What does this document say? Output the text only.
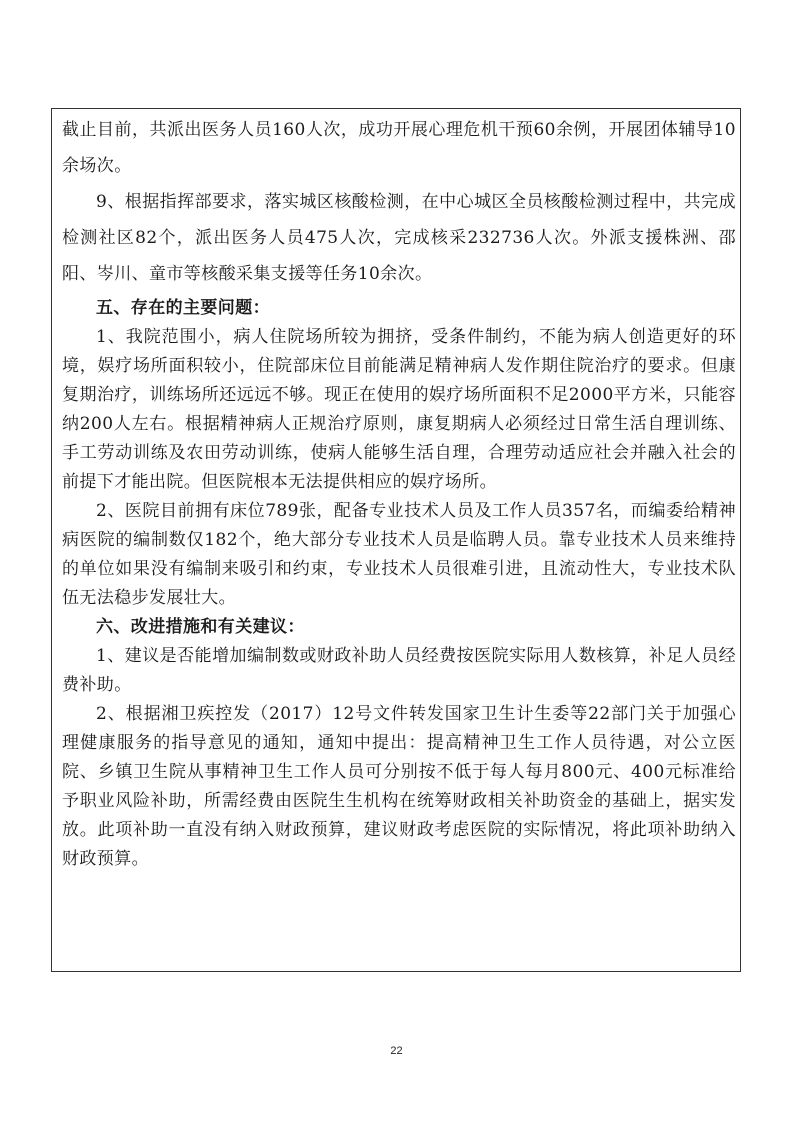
截止目前，共派出医务人员160人次，成功开展心理危机干预60余例，开展团体辅导10余场次。

9、根据指挥部要求，落实城区核酸检测，在中心城区全员核酸检测过程中，共完成检测社区82个，派出医务人员475人次，完成核采232736人次。外派支援株洲、邵阳、岑川、童市等核酸采集支援等任务10余次。

五、存在的主要问题：

1、我院范围小，病人住院场所较为拥挤，受条件制约，不能为病人创造更好的环境，娱疗场所面积较小，住院部床位目前能满足精神病人发作期住院治疗的要求。但康复期治疗，训练场所还远远不够。现正在使用的娱疗场所面积不足2000平方米，只能容纳200人左右。根据精神病人正规治疗原则，康复期病人必须经过日常生活自理训练、手工劳动训练及农田劳动训练，使病人能够生活自理，合理劳动适应社会并融入社会的前提下才能出院。但医院根本无法提供相应的娱疗场所。

2、医院目前拥有床位789张，配备专业技术人员及工作人员357名，而编委给精神病医院的编制数仅182个，绝大部分专业技术人员是临聘人员。靠专业技术人员来维持的单位如果没有编制来吸引和约束，专业技术人员很难引进，且流动性大，专业技术队伍无法稳步发展壮大。

六、改进措施和有关建议：

1、建议是否能增加编制数或财政补助人员经费按医院实际用人数核算，补足人员经费补助。

2、根据湘卫疾控发（2017）12号文件转发国家卫生计生委等22部门关于加强心理健康服务的指导意见的通知，通知中提出：提高精神卫生工作人员待遇，对公立医院、乡镇卫生院从事精神卫生工作人员可分别按不低于每人每月800元、400元标准给予职业风险补助，所需经费由医院生生机构在统筹财政相关补助资金的基础上，据实发放。此项补助一直没有纳入财政预算，建议财政考虑医院的实际情况，将此项补助纳入财政预算。

22
